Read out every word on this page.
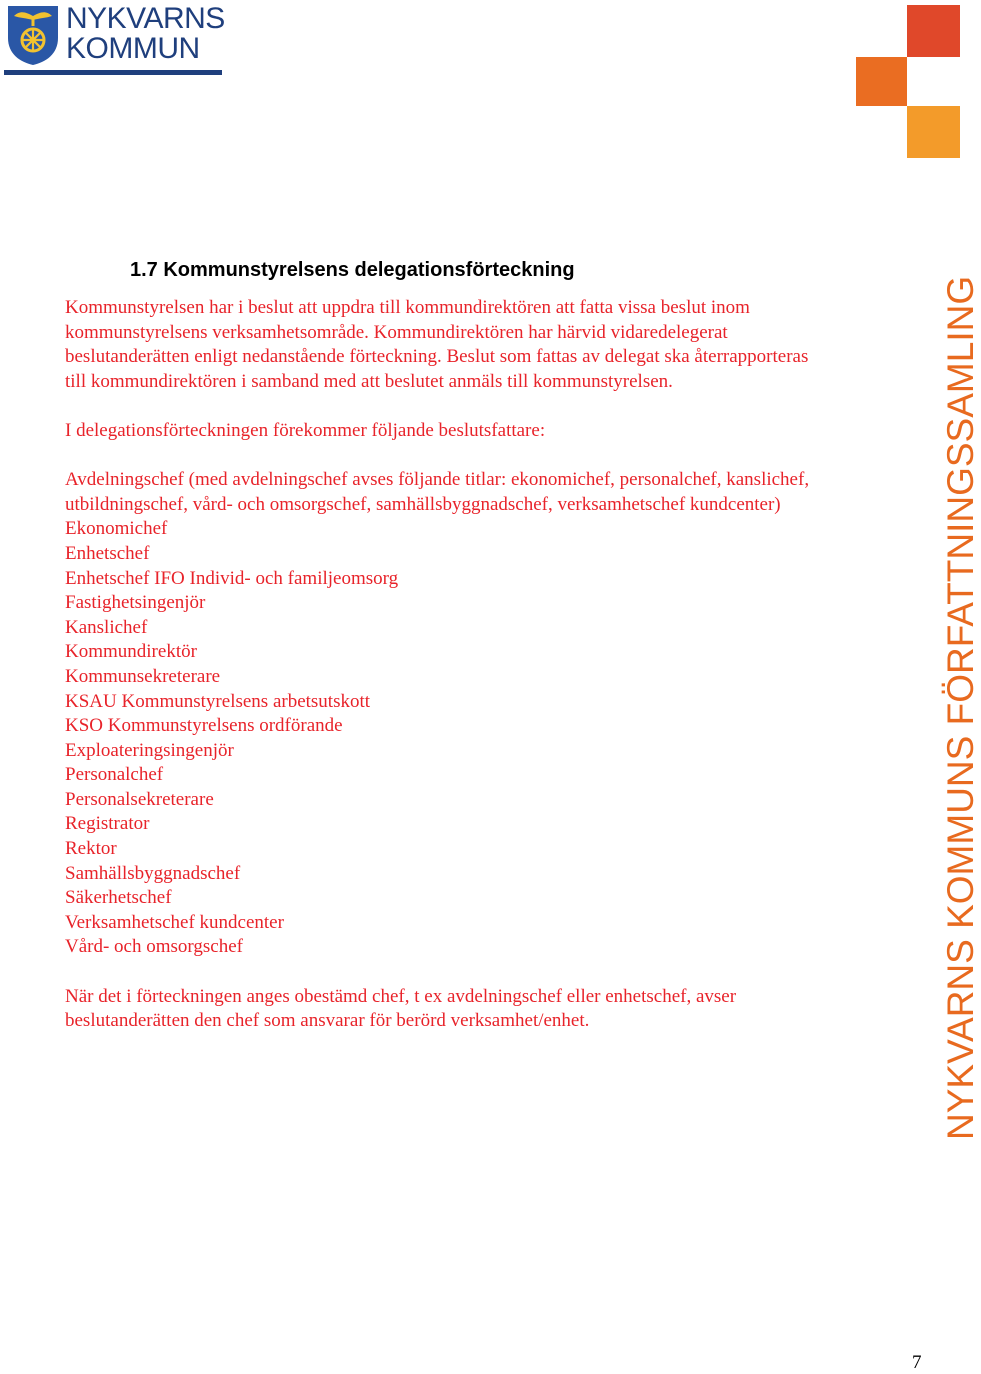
NYKVARNS
KOMMUN
NYKVARNS KOMMUNS FÖRFATTNINGSSAMLING
1.7 Kommunstyrelsens delegationsförteckning

Kommunstyrelsen har i beslut att uppdra till kommundirektören att fatta vissa beslut inom kommunstyrelsens verksamhetsområde. Kommundirektören har härvid vidaredelegerat beslutanderätten enligt nedanstående förteckning. Beslut som fattas av delegat ska återrapporteras till kommundirektören i samband med att beslutet anmäls till kommunstyrelsen.

I delegationsförteckningen förekommer följande beslutsfattare:

Avdelningschef (med avdelningschef avses följande titlar: ekonomichef, personalchef, kanslichef, utbildningschef, vård- och omsorgschef, samhällsbyggnadschef, verksamhetschef kundcenter)
Ekonomichef
Enhetschef
Enhetschef IFO Individ- och familjeomsorg
Fastighetsingenjör
Kanslichef
Kommundirektör
Kommunsekreterare
KSAU Kommunstyrelsens arbetsutskott
KSO Kommunstyrelsens ordförande
Exploateringsingenjör
Personalchef
Personalsekreterare
Registrator
Rektor
Samhällsbyggnadschef
Säkerhetschef
Verksamhetschef kundcenter
Vård- och omsorgschef

När det i förteckningen anges obestämd chef, t ex avdelningschef eller enhetschef, avser beslutanderätten den chef som ansvarar för berörd verksamhet/enhet.

7
